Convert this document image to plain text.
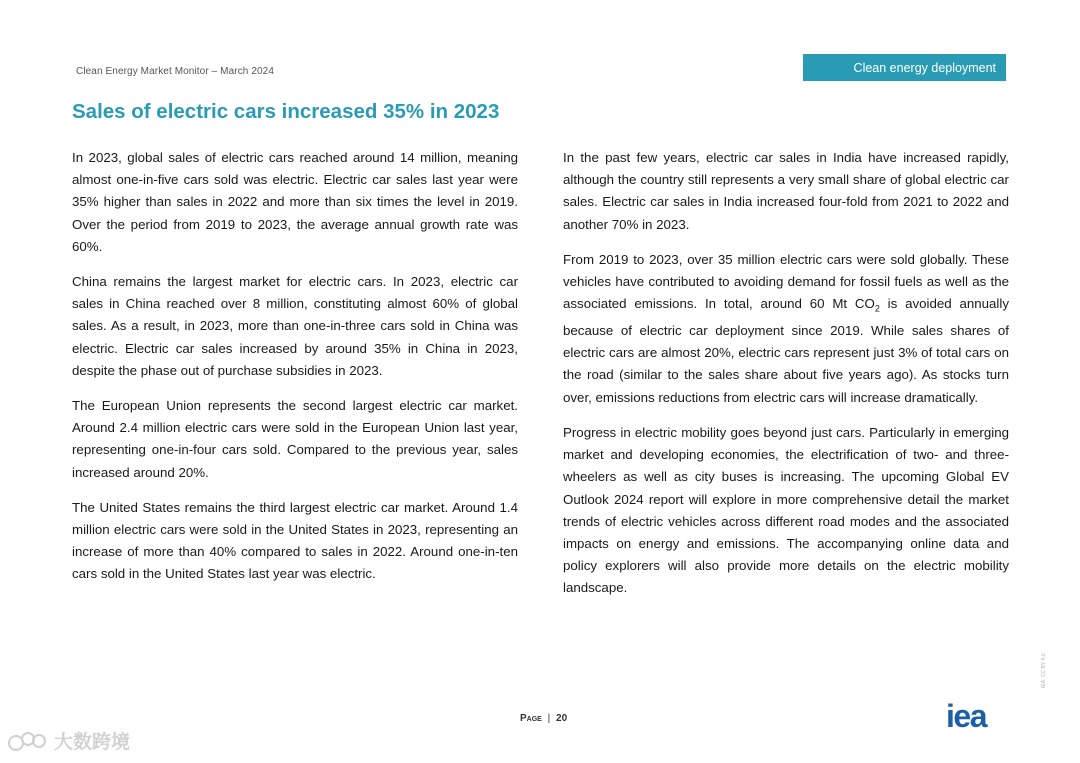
Clean Energy Market Monitor – March 2024	Clean energy deployment
Sales of electric cars increased 35% in 2023

In 2023, global sales of electric cars reached around 14 million, meaning almost one-in-five cars sold was electric. Electric car sales last year were 35% higher than sales in 2022 and more than six times the level in 2019. Over the period from 2019 to 2023, the average annual growth rate was 60%.

China remains the largest market for electric cars. In 2023, electric car sales in China reached over 8 million, constituting almost 60% of global sales. As a result, in 2023, more than one-in-three cars sold in China was electric. Electric car sales increased by around 35% in China in 2023, despite the phase out of purchase subsidies in 2023.

The European Union represents the second largest electric car market. Around 2.4 million electric cars were sold in the European Union last year, representing one-in-four cars sold. Compared to the previous year, sales increased around 20%.

The United States remains the third largest electric car market. Around 1.4 million electric cars were sold in the United States in 2023, representing an increase of more than 40% compared to sales in 2022. Around one-in-ten cars sold in the United States last year was electric.

In the past few years, electric car sales in India have increased rapidly, although the country still represents a very small share of global electric car sales. Electric car sales in India increased four-fold from 2021 to 2022 and another 70% in 2023.

From 2019 to 2023, over 35 million electric cars were sold globally. These vehicles have contributed to avoiding demand for fossil fuels as well as the associated emissions. In total, around 60 Mt $CO_2$ is avoided annually because of electric car deployment since 2019. While sales shares of electric cars are almost 20%, electric cars represent just 3% of total cars on the road (similar to the sales share about five years ago). As stocks turn over, emissions reductions from electric cars will increase dramatically.

Progress in electric mobility goes beyond just cars. Particularly in emerging market and developing economies, the electrification of two- and three-wheelers as well as city buses is increasing. The upcoming Global EV Outlook 2024 report will explore in more comprehensive detail the market trends of electric vehicles across different road modes and the associated impacts on energy and emissions. The accompanying online data and policy explorers will also provide more details on the electric mobility landscape.

Page | 20	iea
IEA. CC BY 4.0.
大数跨境
